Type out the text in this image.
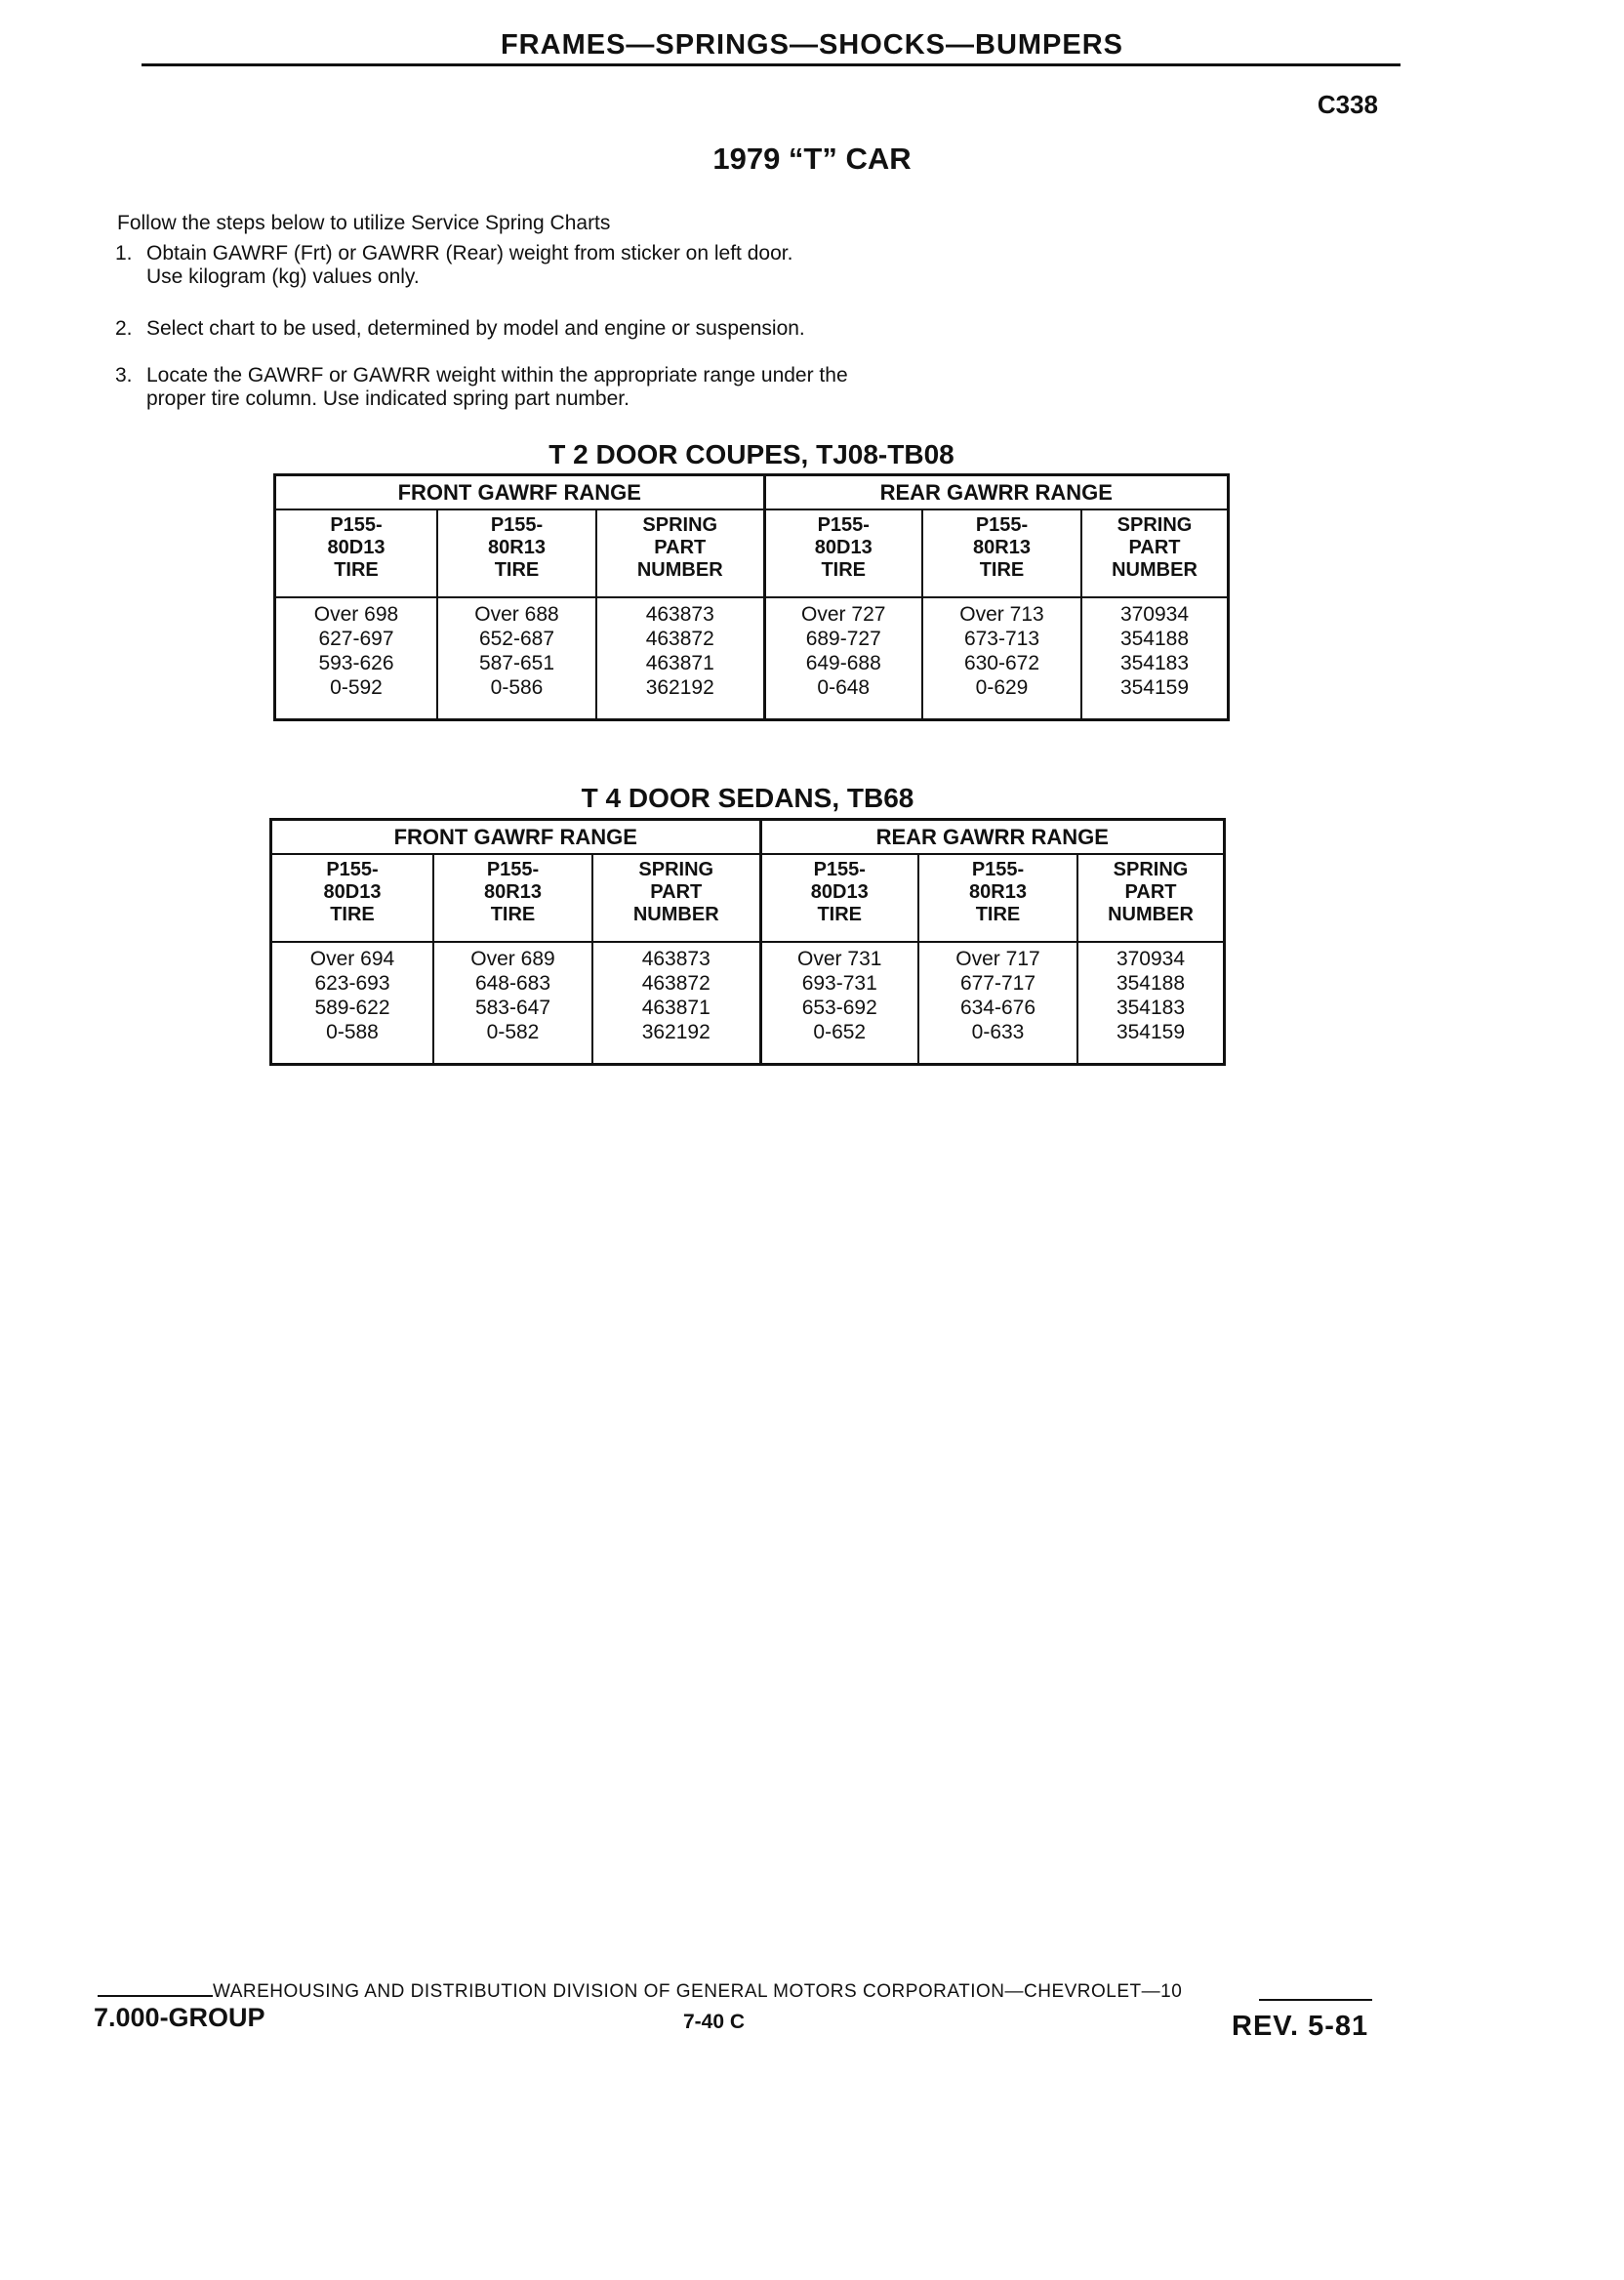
FRAMES—SPRINGS—SHOCKS—BUMPERS
C338
1979 “T” CAR
Follow the steps below to utilize Service Spring Charts
1. Obtain GAWRF (Frt) or GAWRR (Rear) weight from sticker on left door.
Use kilogram (kg) values only.
2. Select chart to be used, determined by model and engine or suspension.
3. Locate the GAWRF or GAWRR weight within the appropriate range under the
proper tire column. Use indicated spring part number.
T 2 DOOR COUPES, TJ08-TB08
FRONT GAWRF RANGE			REAR GAWRR RANGE		
P155-
80D13
TIRE	P155-
80R13
TIRE	SPRING
PART
NUMBER	P155-
80D13
TIRE	P155-
80R13
TIRE	SPRING
PART
NUMBER
Over 698
627-697
593-626
0-592	Over 688
652-687
587-651
0-586	463873
463872
463871
362192	Over 727
689-727
649-688
0-648	Over 713
673-713
630-672
0-629	370934
354188
354183
354159
T 4 DOOR SEDANS, TB68
FRONT GAWRF RANGE			REAR GAWRR RANGE		
P155-
80D13
TIRE	P155-
80R13
TIRE	SPRING
PART
NUMBER	P155-
80D13
TIRE	P155-
80R13
TIRE	SPRING
PART
NUMBER
Over 694
623-693
589-622
0-588	Over 689
648-683
583-647
0-582	463873
463872
463871
362192	Over 731
693-731
653-692
0-652	Over 717
677-717
634-676
0-633	370934
354188
354183
354159
WAREHOUSING AND DISTRIBUTION DIVISION OF GENERAL MOTORS CORPORATION—CHEVROLET—10
7.000-GROUP	7-40 C	REV. 5-81
